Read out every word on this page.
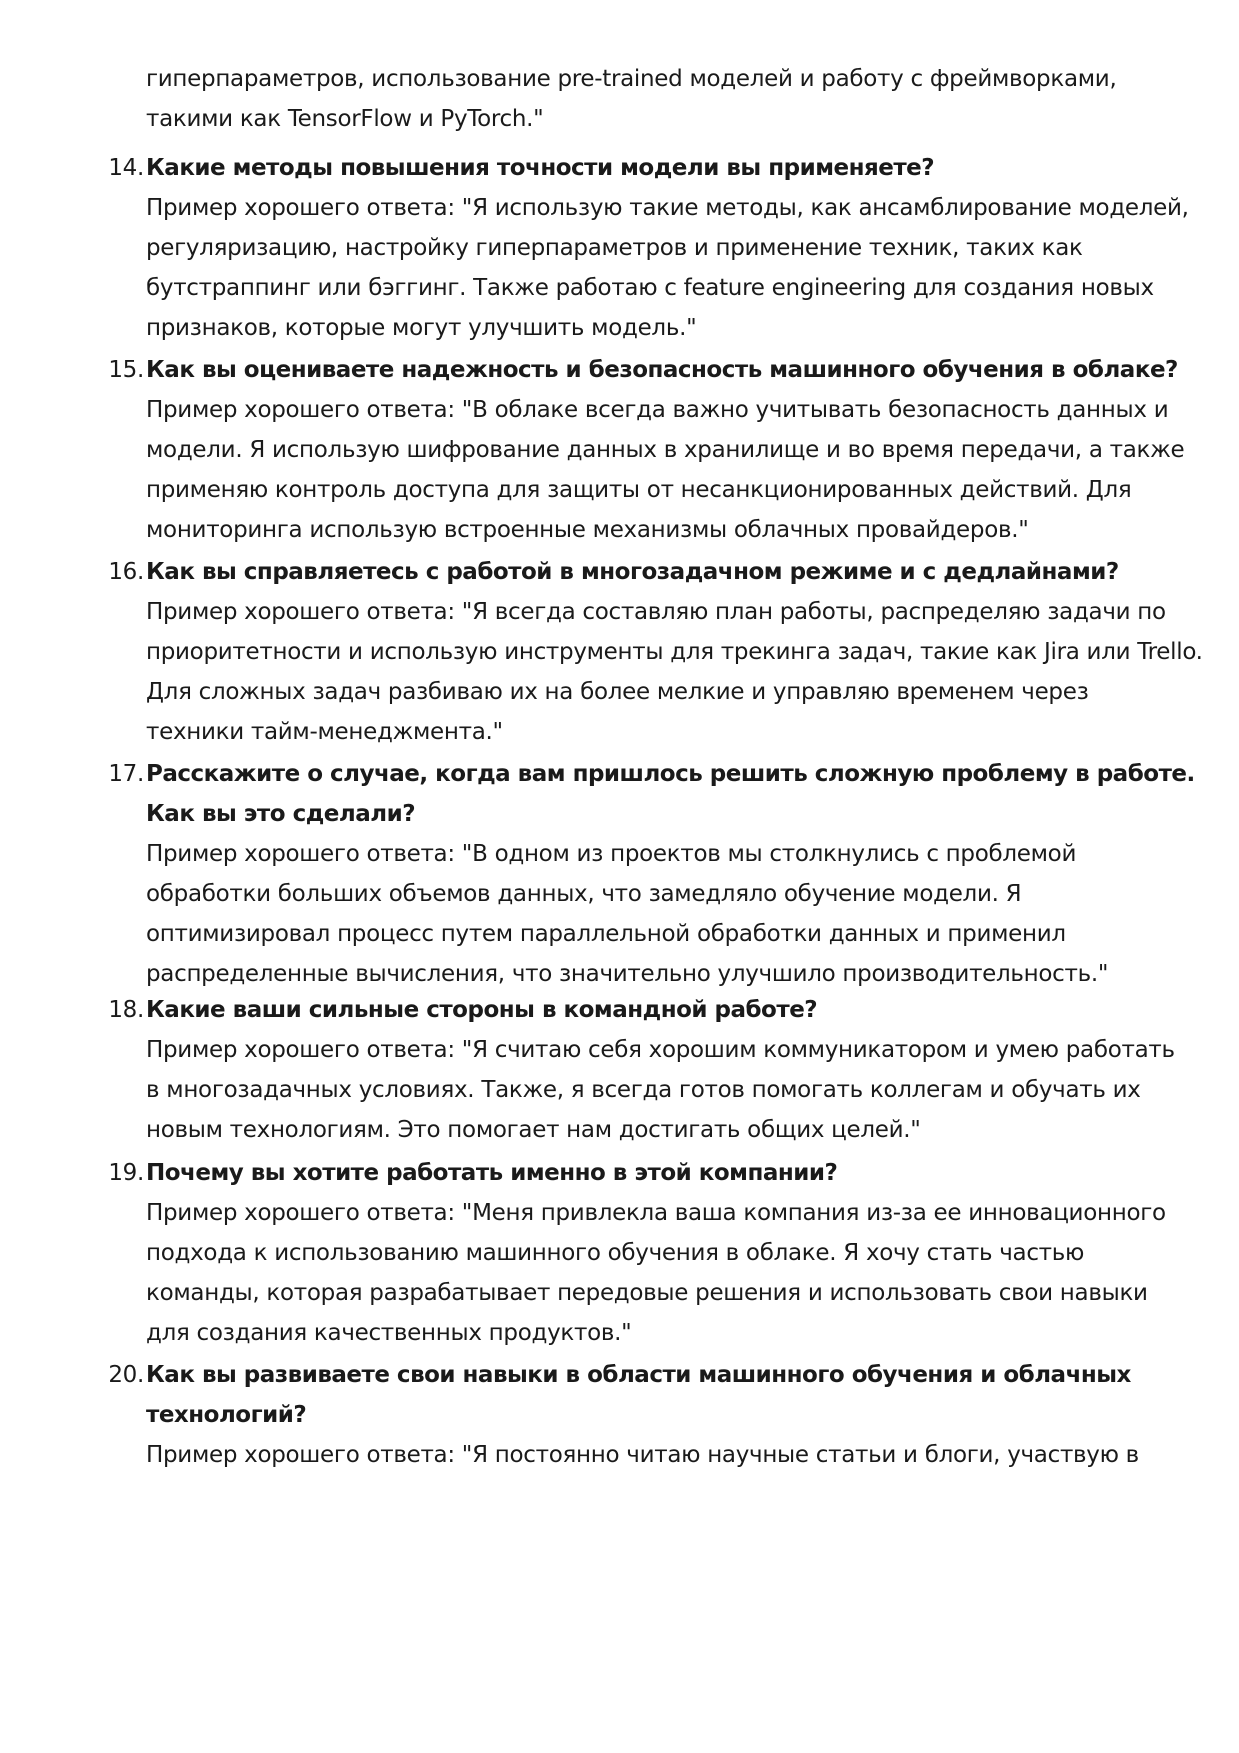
гиперпараметров, использование pre-trained моделей и работу с фреймворками,
такими как TensorFlow и PyTorch."
14. Какие методы повышения точности модели вы применяете?
Пример хорошего ответа: "Я использую такие методы, как ансамблирование моделей,
регуляризацию, настройку гиперпараметров и применение техник, таких как
бутстраппинг или бэггинг. Также работаю с feature engineering для создания новых
признаков, которые могут улучшить модель."
15. Как вы оцениваете надежность и безопасность машинного обучения в облаке?
Пример хорошего ответа: "В облаке всегда важно учитывать безопасность данных и
модели. Я использую шифрование данных в хранилище и во время передачи, а также
применяю контроль доступа для защиты от несанкционированных действий. Для
мониторинга использую встроенные механизмы облачных провайдеров."
16. Как вы справляетесь с работой в многозадачном режиме и с дедлайнами?
Пример хорошего ответа: "Я всегда составляю план работы, распределяю задачи по
приоритетности и использую инструменты для трекинга задач, такие как Jira или Trello.
Для сложных задач разбиваю их на более мелкие и управляю временем через
техники тайм-менеджмента."
17. Расскажите о случае, когда вам пришлось решить сложную проблему в работе.
Как вы это сделали?
Пример хорошего ответа: "В одном из проектов мы столкнулись с проблемой
обработки больших объемов данных, что замедляло обучение модели. Я
оптимизировал процесс путем параллельной обработки данных и применил
распределенные вычисления, что значительно улучшило производительность."
18. Какие ваши сильные стороны в командной работе?
Пример хорошего ответа: "Я считаю себя хорошим коммуникатором и умею работать
в многозадачных условиях. Также, я всегда готов помогать коллегам и обучать их
новым технологиям. Это помогает нам достигать общих целей."
19. Почему вы хотите работать именно в этой компании?
Пример хорошего ответа: "Меня привлекла ваша компания из-за ее инновационного
подхода к использованию машинного обучения в облаке. Я хочу стать частью
команды, которая разрабатывает передовые решения и использовать свои навыки
для создания качественных продуктов."
20. Как вы развиваете свои навыки в области машинного обучения и облачных
технологий?
Пример хорошего ответа: "Я постоянно читаю научные статьи и блоги, участвую в
